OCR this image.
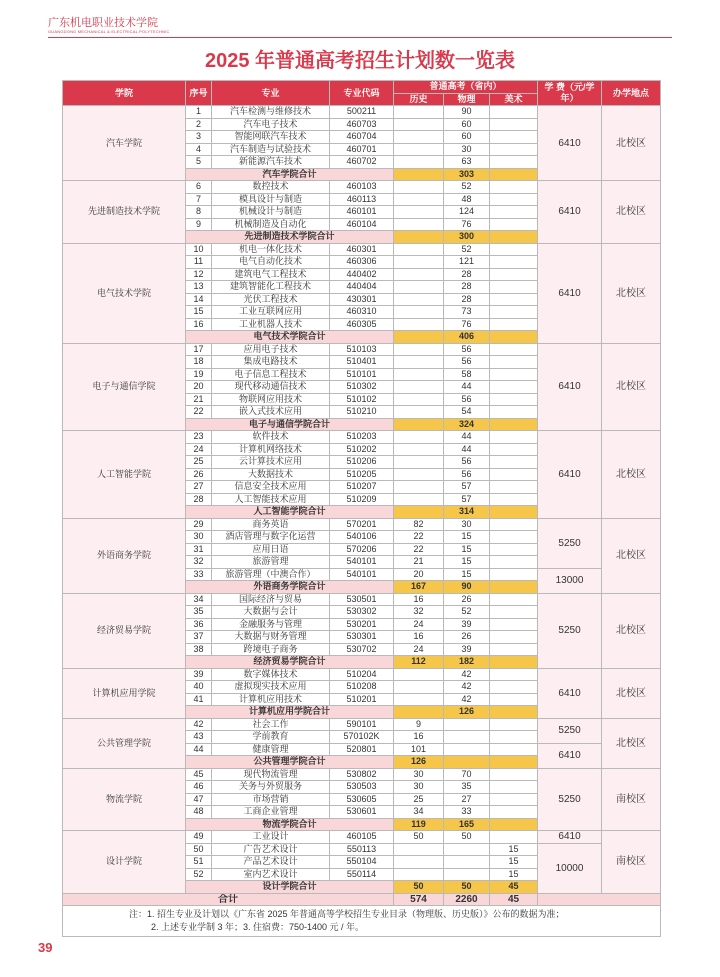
广东机电职业技术学院
GUANGDONG MECHANICAL & ELECTRICAL POLYTECHNIC
2025 年普通高考招生计划数一览表
学院	序号	专业	专业代码	普通高考（省内）			学 费（元/学年）	办学地点
				历史	物理	美术		
汽车学院	1	汽车检测与维修技术	500211		90		6410	北校区
	2	汽车电子技术	460703		60			
	3	智能网联汽车技术	460704		60			
	4	汽车制造与试验技术	460701		30			
	5	新能源汽车技术	460702		63			
	汽车学院合计				303			
先进制造技术学院	6	数控技术	460103		52		6410	北校区
	7	模具设计与制造	460113		48			
	8	机械设计与制造	460101		124			
	9	机械制造及自动化	460104		76			
	先进制造技术学院合计				300			
电气技术学院	10	机电一体化技术	460301		52		6410	北校区
	11	电气自动化技术	460306		121			
	12	建筑电气工程技术	440402		28			
	13	建筑智能化工程技术	440404		28			
	14	光伏工程技术	430301		28			
	15	工业互联网应用	460310		73			
	16	工业机器人技术	460305		76			
	电气技术学院合计				406			
电子与通信学院	17	应用电子技术	510103		56		6410	北校区
	18	集成电路技术	510401		56			
	19	电子信息工程技术	510101		58			
	20	现代移动通信技术	510302		44			
	21	物联网应用技术	510102		56			
	22	嵌入式技术应用	510210		54			
	电子与通信学院合计				324			
人工智能学院	23	软件技术	510203		44		6410	北校区
	24	计算机网络技术	510202		44			
	25	云计算技术应用	510206		56			
	26	大数据技术	510205		56			
	27	信息安全技术应用	510207		57			
	28	人工智能技术应用	510209		57			
	人工智能学院合计				314			
外语商务学院	29	商务英语	570201	82	30		5250	北校区
	30	酒店管理与数字化运营	540106	22	15			
	31	应用日语	570206	22	15			
	32	旅游管理	540101	21	15			
	33	旅游管理（中澳合作）	540101	20	15		13000	
	外语商务学院合计			167	90			
经济贸易学院	34	国际经济与贸易	530501	16	26		5250	北校区
	35	大数据与会计	530302	32	52			
	36	金融服务与管理	530201	24	39			
	37	大数据与财务管理	530301	16	26			
	38	跨境电子商务	530702	24	39			
	经济贸易学院合计			112	182			
计算机应用学院	39	数字媒体技术	510204		42		6410	北校区
	40	虚拟现实技术应用	510208		42			
	41	计算机应用技术	510201		42			
	计算机应用学院合计				126			
公共管理学院	42	社会工作	590101	9			5250	北校区
	43	学前教育	570102K	16				
	44	健康管理	520801	101			6410	
	公共管理学院合计			126				
物流学院	45	现代物流管理	530802	30	70		5250	南校区
	46	关务与外贸服务	530503	30	35			
	47	市场营销	530605	25	27			
	48	工商企业管理	530601	34	33			
	物流学院合计			119	165			
设计学院	49	工业设计	460105	50	50		6410	南校区
	50	广告艺术设计	550113			15	10000	
	51	产品艺术设计	550104			15		
	52	室内艺术设计	550114			15		
	设计学院合计			50	50	45		
合计				574	2260	45		

注：1. 招生专业及计划以《广东省 2025 年普通高等学校招生专业目录（物理版、历史版）》公布的数据为准；
2. 上述专业学制 3 年；3. 住宿费：750-1400 元 / 年。								
39
